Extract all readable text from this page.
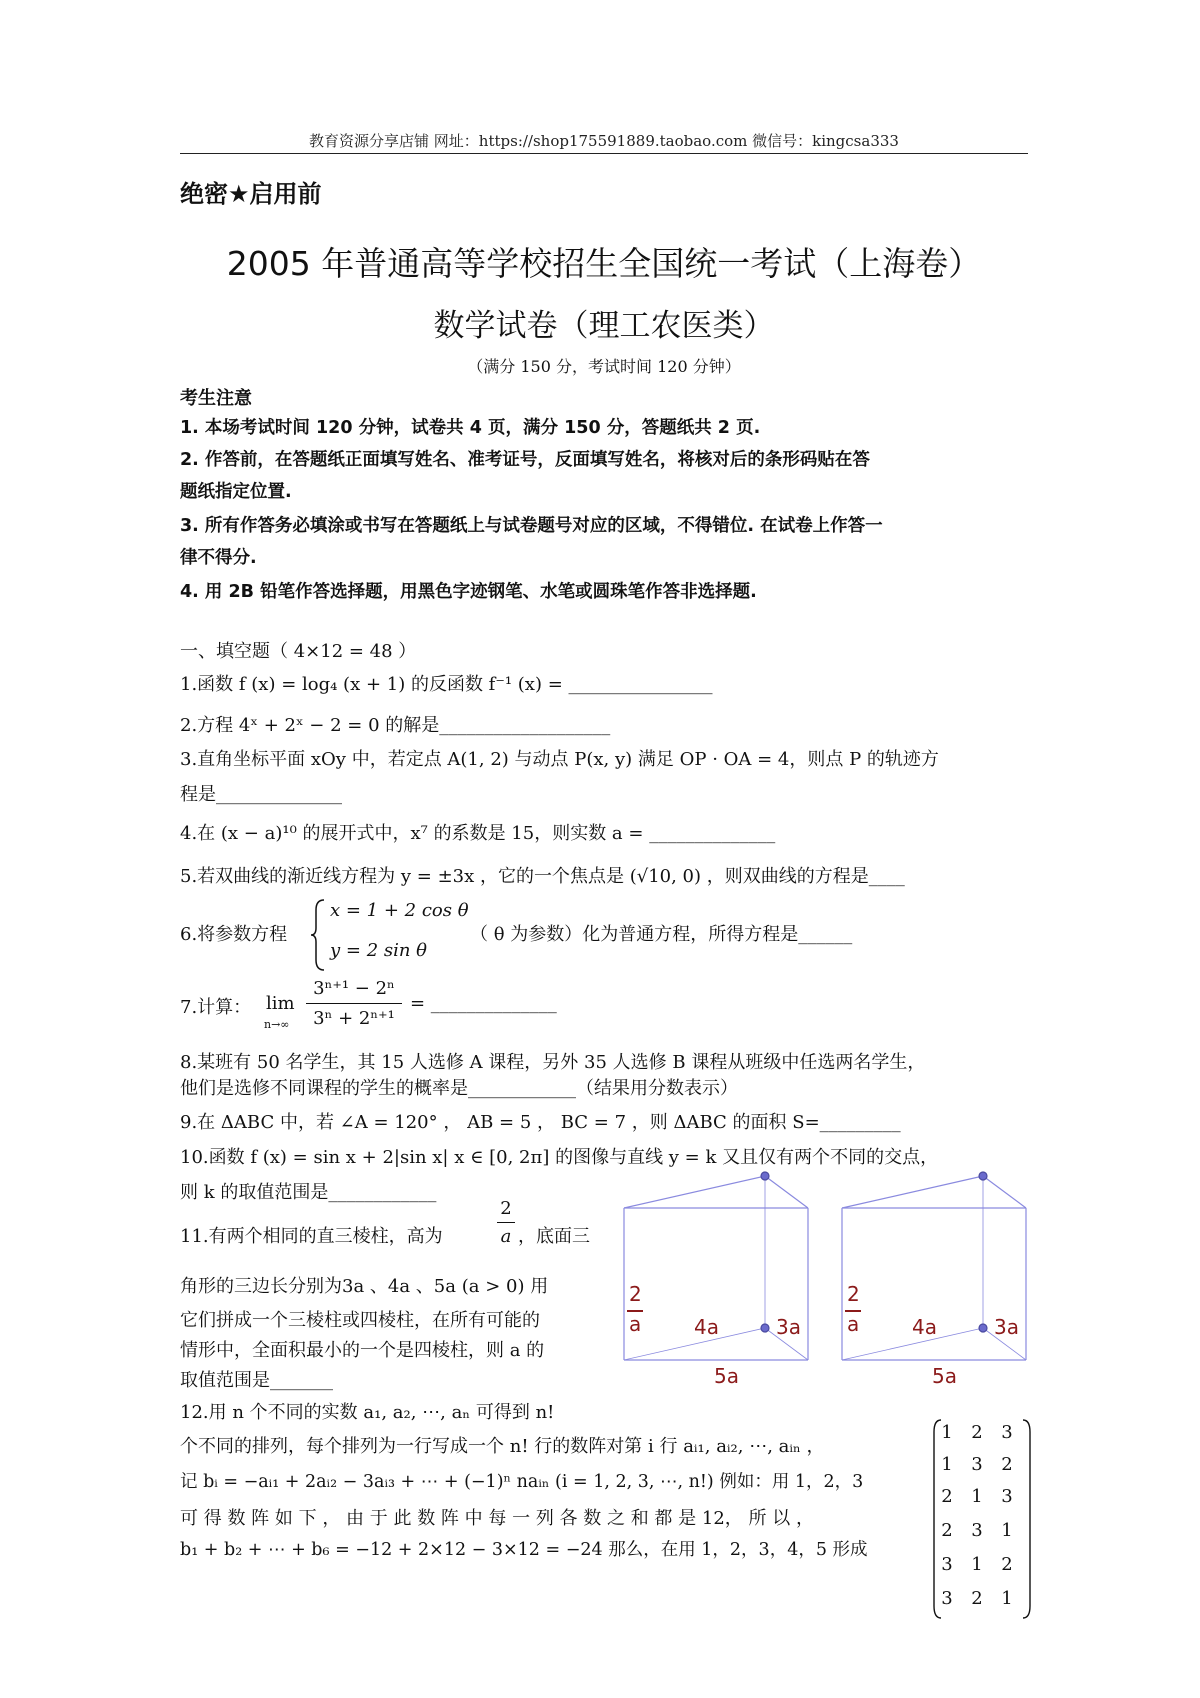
教育资源分享店铺 网址：https://shop175591889.taobao.com 微信号：kingcsa333
绝密★启用前
2005 年普通高等学校招生全国统一考试（上海卷）
数学试卷（理工农医类）
（满分 150 分，考试时间 120 分钟）
考生注意
1. 本场考试时间 120 分钟，试卷共 4 页，满分 150 分，答题纸共 2 页.
2. 作答前，在答题纸正面填写姓名、准考证号，反面填写姓名，将核对后的条形码贴在答
题纸指定位置.
3. 所有作答务必填涂或书写在答题纸上与试卷题号对应的区域，不得错位. 在试卷上作答一
律不得分.
4. 用 2B 铅笔作答选择题，用黑色字迹钢笔、水笔或圆珠笔作答非选择题.
一、填空题（ 4×12 = 48 ）
1.函数 f (x) = log₄ (x + 1) 的反函数 f⁻¹ (x) = ________________
2.方程 4ˣ + 2ˣ − 2 = 0 的解是___________________
3.直角坐标平面 xOy 中，若定点 A(1, 2) 与动点 P(x, y) 满足 OP · OA = 4，则点 P 的轨迹方
程是______________
4.在 (x − a)¹⁰ 的展开式中，x⁷ 的系数是 15，则实数 a = ______________
5.若双曲线的渐近线方程为 y = ±3x ，它的一个焦点是 (√10, 0) ，则双曲线的方程是____
6.将参数方程
x = 1 + 2 cos θ
y = 2 sin θ
（ θ 为参数）化为普通方程，所得方程是______
7.计算： lim
n→∞
3ⁿ⁺¹ − 2ⁿ
3ⁿ + 2ⁿ⁺¹
= ______________
8.某班有 50 名学生，其 15 人选修 A 课程，另外 35 人选修 B 课程从班级中任选两名学生，
他们是选修不同课程的学生的概率是____________（结果用分数表示）
9.在 ΔABC 中，若 ∠A = 120° ， AB = 5 ， BC = 7 ，则 ΔABC 的面积 S=_________
10.函数 f (x) = sin x + 2|sin x| x ∈ [0, 2π] 的图像与直线 y = k 又且仅有两个不同的交点，
则 k 的取值范围是____________
11.有两个相同的直三棱柱，高为
2
a ，底面三
角形的三边长分别为3a 、4a 、5a (a > 0) 用
它们拼成一个三棱柱或四棱柱，在所有可能的
情形中，全面积最小的一个是四棱柱，则 a 的
取值范围是_______
2
a	4a	3a
5a
2
a	4a	3a
5a
12.用 n 个不同的实数 a₁, a₂, ⋯, aₙ 可得到 n!
个不同的排列，每个排列为一行写成一个 n! 行的数阵对第 i 行 aᵢ₁, aᵢ₂, ⋯, aᵢₙ ，
记 bᵢ = −aᵢ₁ + 2aᵢ₂ − 3aᵢ₃ + ⋯ + (−1)ⁿ naᵢₙ (i = 1, 2, 3, ⋯, n!) 例如：用 1，2，3
可 得 数 阵 如 下 ， 由 于 此 数 阵 中 每 一 列 各 数 之 和 都 是 12， 所 以 ，
b₁ + b₂ + ⋯ + b₆ = −12 + 2×12 − 3×12 = −24 那么，在用 1，2，3，4，5 形成
1 2 3
1 3 2
2 1 3
2 3 1
3 1 2
3 2 1
